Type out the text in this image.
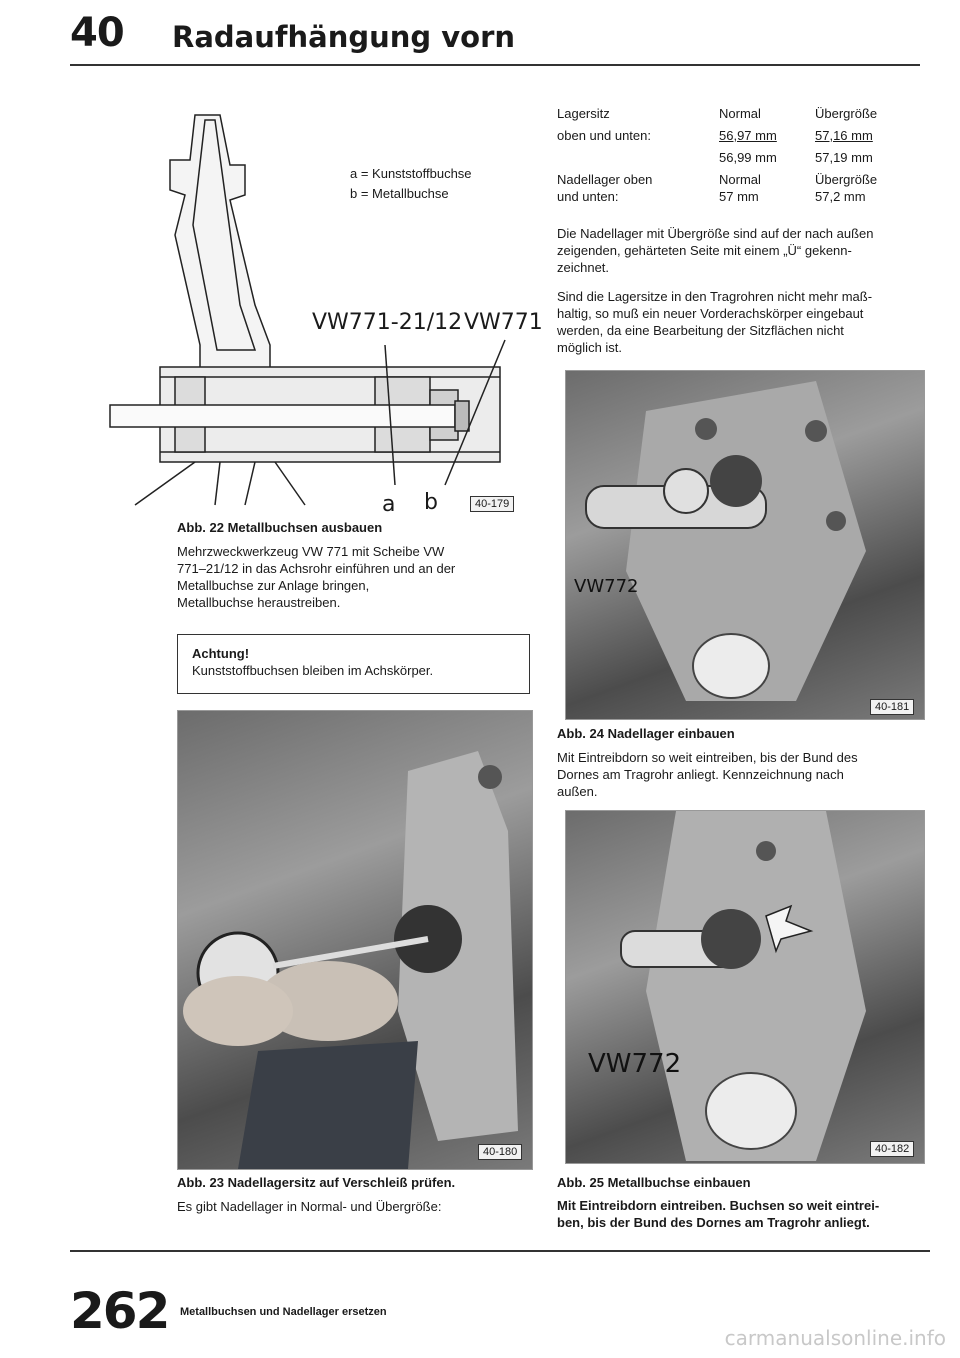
40 Radaufhängung vorn
a = Kunststoffbuchse
b = Metallbuchse
VW771-21/12 VW771
a b	40-179
Abb. 22 Metallbuchsen ausbauen
Mehrzweckwerkzeug VW 771 mit Scheibe VW
771–21/12 in das Achsrohr einführen und an der
Metallbuchse zur Anlage bringen,
Metallbuchse heraustreiben.
Achtung!
Kunststoffbuchsen bleiben im Achskörper.
40-180
Abb. 23 Nadellagersitz auf Verschleiß prüfen.
Es gibt Nadellager in Normal- und Übergröße:
Lagersitz	Normal	Übergröße
oben und unten:	56,97 mm	57,16 mm
	56,99 mm	57,19 mm
Nadellager oben	Normal	Übergröße
und unten:	57 mm	57,2 mm
Die Nadellager mit Übergröße sind auf der nach außen
zeigenden, gehärteten Seite mit einem „Ü“ gekenn-
zeichnet.
Sind die Lagersitze in den Tragrohren nicht mehr maß-
haltig, so muß ein neuer Vorderachskörper eingebaut
werden, da eine Bearbeitung der Sitzflächen nicht
möglich ist.
VW772
40-181
Abb. 24 Nadellager einbauen
Mit Eintreibdorn so weit eintreiben, bis der Bund des
Dornes am Tragrohr anliegt. Kennzeichnung nach
außen.
VW772
40-182
Abb. 25 Metallbuchse einbauen
Mit Eintreibdorn eintreiben. Buchsen so weit eintrei-
ben, bis der Bund des Dornes am Tragrohr anliegt.
262 Metallbuchsen und Nadellager ersetzen
carmanualsonline.info
